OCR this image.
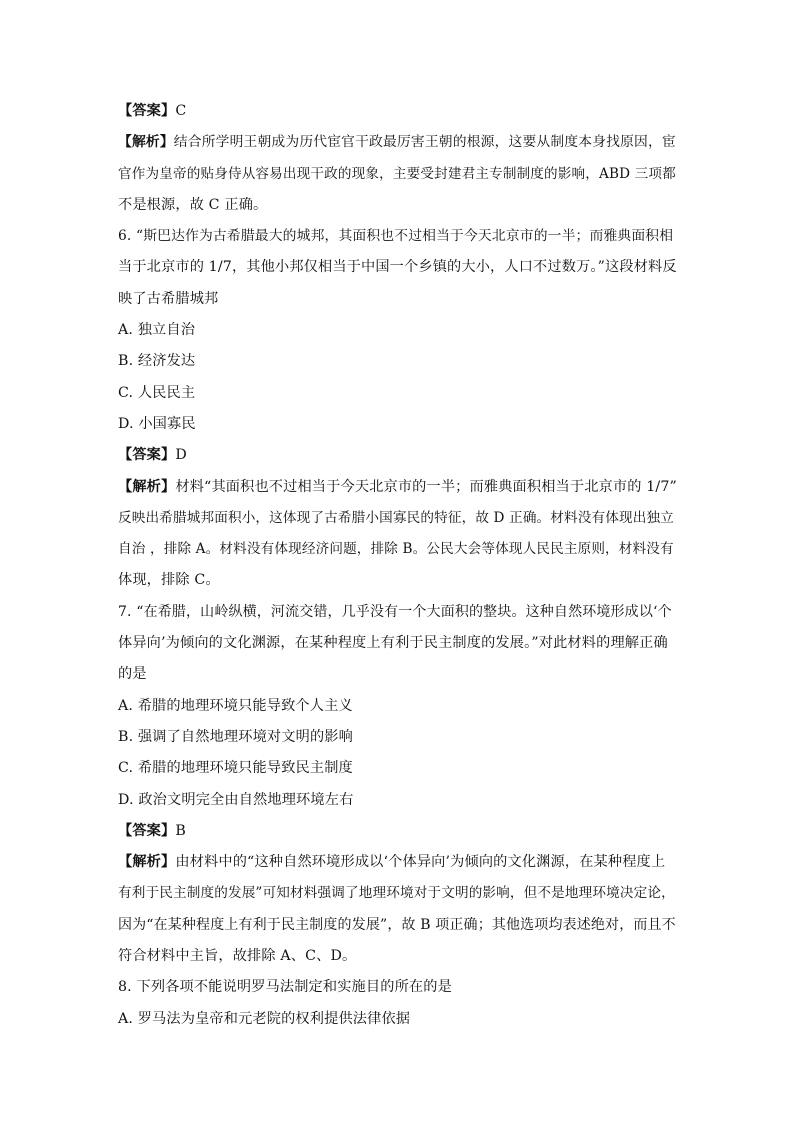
【答案】C
【解析】结合所学明王朝成为历代宦官干政最厉害王朝的根源，这要从制度本身找原因，宦
官作为皇帝的贴身侍从容易出现干政的现象，主要受封建君主专制制度的影响，ABD 三项都
不是根源，故 C 正确。
6. “斯巴达作为古希腊最大的城邦，其面积也不过相当于今天北京市的一半；而雅典面积相
当于北京市的 1/7，其他小邦仅相当于中国一个乡镇的大小，人口不过数万。”这段材料反
映了古希腊城邦
A. 独立自治
B. 经济发达
C. 人民民主
D. 小国寡民
【答案】D
【解析】材料“其面积也不过相当于今天北京市的一半；而雅典面积相当于北京市的 1/7”
反映出希腊城邦面积小，这体现了古希腊小国寡民的特征，故 D 正确。材料没有体现出独立
自治 ，排除 A。材料没有体现经济问题，排除 B。公民大会等体现人民民主原则，材料没有
体现，排除 C。
7. “在希腊，山岭纵横，河流交错，几乎没有一个大面积的整块。这种自然环境形成以‘个
体异向’为倾向的文化渊源，在某种程度上有利于民主制度的发展。”对此材料的理解正确
的是
A. 希腊的地理环境只能导致个人主义
B. 强调了自然地理环境对文明的影响
C. 希腊的地理环境只能导致民主制度
D. 政治文明完全由自然地理环境左右
【答案】B
【解析】由材料中的“这种自然环境形成以‘个体异向’为倾向的文化渊源，在某种程度上
有利于民主制度的发展”可知材料强调了地理环境对于文明的影响，但不是地理环境决定论，
因为“在某种程度上有利于民主制度的发展”，故 B 项正确；其他选项均表述绝对，而且不
符合材料中主旨，故排除 A、C、D。
8. 下列各项不能说明罗马法制定和实施目的所在的是
A. 罗马法为皇帝和元老院的权利提供法律依据
